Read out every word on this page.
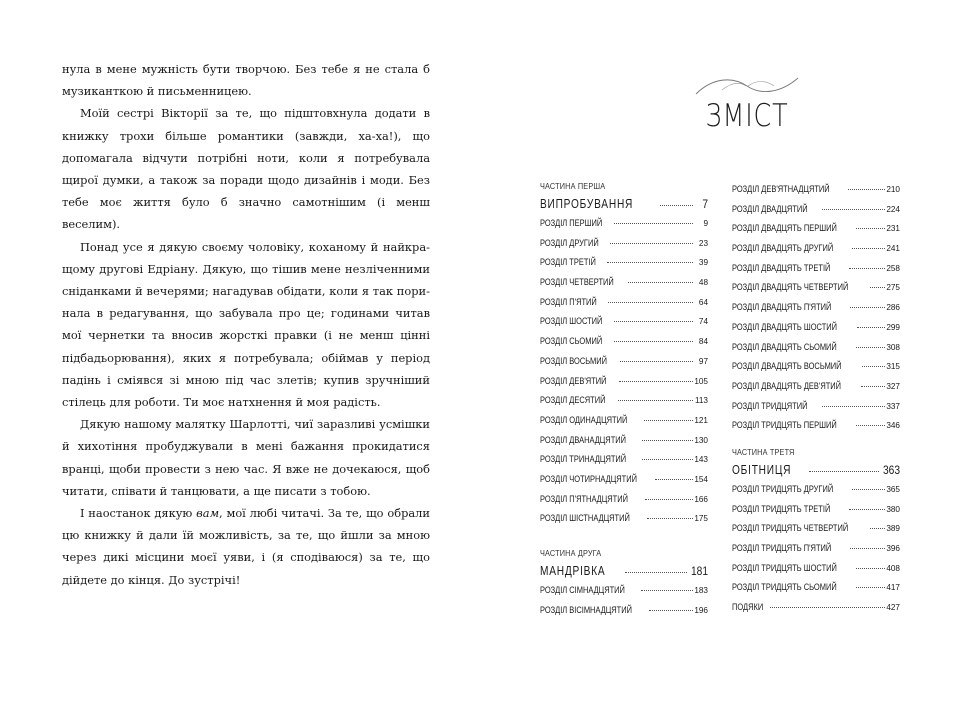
нула в мене мужність бути творчою. Без тебе я не стала б музиканткою й письменницею.

Моїй сестрі Вікторії за те, що підштовхнула додати в книжку трохи більше романтики (завжди, ха-ха!), що допомагала відчути потрібні ноти, коли я потребувала щирої думки, а також за поради щодо дизайнів і моди. Без тебе моє життя було б значно самотнішим (і менш веселим).

Понад усе я дякую своєму чоловіку, коханому й найкращому другові Едріану. Дякую, що тішив мене незліченними сніданками й вечерями; нагадував обідати, коли я так поринала в редагування, що забувала про це; годинами читав мої чернетки та вносив жорсткі правки (і не менш цінні підбадьорювання), яких я потребувала; обіймав у період падінь і сміявся зі мною під час злетів; купив зручніший стілець для роботи. Ти моє натхнення й моя радість.

Дякую нашому малятку Шарлотті, чиї заразливі усмішки й хихотіння пробуджували в мені бажання прокидатися вранці, щоби провести з нею час. Я вже не дочекаюся, щоб читати, співати й танцювати, а ще писати з тобою.

І наостанок дякую вам, мої любі читачі. За те, що обрали цю книжку й дали їй можливість, за те, що йшли за мною через дикі місцини моєї уяви, і (я сподіваюся) за те, що дійдете до кінця. До зустрічі!

ЗМІСТ
ЧАСТИНА ПЕРША
ВИПРОБУВАННЯ	7
РОЗДІЛ ПЕРШИЙ	9
РОЗДІЛ ДРУГИЙ	23
РОЗДІЛ ТРЕТІЙ	39
РОЗДІЛ ЧЕТВЕРТИЙ	48
РОЗДІЛ П'ЯТИЙ	64
РОЗДІЛ ШОСТИЙ	74
РОЗДІЛ СЬОМИЙ	84
РОЗДІЛ ВОСЬМИЙ	97
РОЗДІЛ ДЕВ'ЯТИЙ	105
РОЗДІЛ ДЕСЯТИЙ	113
РОЗДІЛ ОДИНАДЦЯТИЙ	121
РОЗДІЛ ДВАНАДЦЯТИЙ	130
РОЗДІЛ ТРИНАДЦЯТИЙ	143
РОЗДІЛ ЧОТИРНАДЦЯТИЙ	154
РОЗДІЛ П'ЯТНАДЦЯТИЙ	166
РОЗДІЛ ШІСТНАДЦЯТИЙ	175
ЧАСТИНА ДРУГА
МАНДРІВКА	181
РОЗДІЛ СІМНАДЦЯТИЙ	183
РОЗДІЛ ВІСІМНАДЦЯТИЙ	196
РОЗДІЛ ДЕВ'ЯТНАДЦЯТИЙ	210
РОЗДІЛ ДВАДЦЯТИЙ	224
РОЗДІЛ ДВАДЦЯТЬ ПЕРШИЙ	231
РОЗДІЛ ДВАДЦЯТЬ ДРУГИЙ	241
РОЗДІЛ ДВАДЦЯТЬ ТРЕТІЙ	258
РОЗДІЛ ДВАДЦЯТЬ ЧЕТВЕРТИЙ	275
РОЗДІЛ ДВАДЦЯТЬ П'ЯТИЙ	286
РОЗДІЛ ДВАДЦЯТЬ ШОСТИЙ	299
РОЗДІЛ ДВАДЦЯТЬ СЬОМИЙ	308
РОЗДІЛ ДВАДЦЯТЬ ВОСЬМИЙ	315
РОЗДІЛ ДВАДЦЯТЬ ДЕВ'ЯТИЙ	327
РОЗДІЛ ТРИДЦЯТИЙ	337
РОЗДІЛ ТРИДЦЯТЬ ПЕРШИЙ	346
ЧАСТИНА ТРЕТЯ
ОБІТНИЦЯ	363
РОЗДІЛ ТРИДЦЯТЬ ДРУГИЙ	365
РОЗДІЛ ТРИДЦЯТЬ ТРЕТІЙ	380
РОЗДІЛ ТРИДЦЯТЬ ЧЕТВЕРТИЙ	389
РОЗДІЛ ТРИДЦЯТЬ П'ЯТИЙ	396
РОЗДІЛ ТРИДЦЯТЬ ШОСТИЙ	408
РОЗДІЛ ТРИДЦЯТЬ СЬОМИЙ	417
ПОДЯКИ	427
